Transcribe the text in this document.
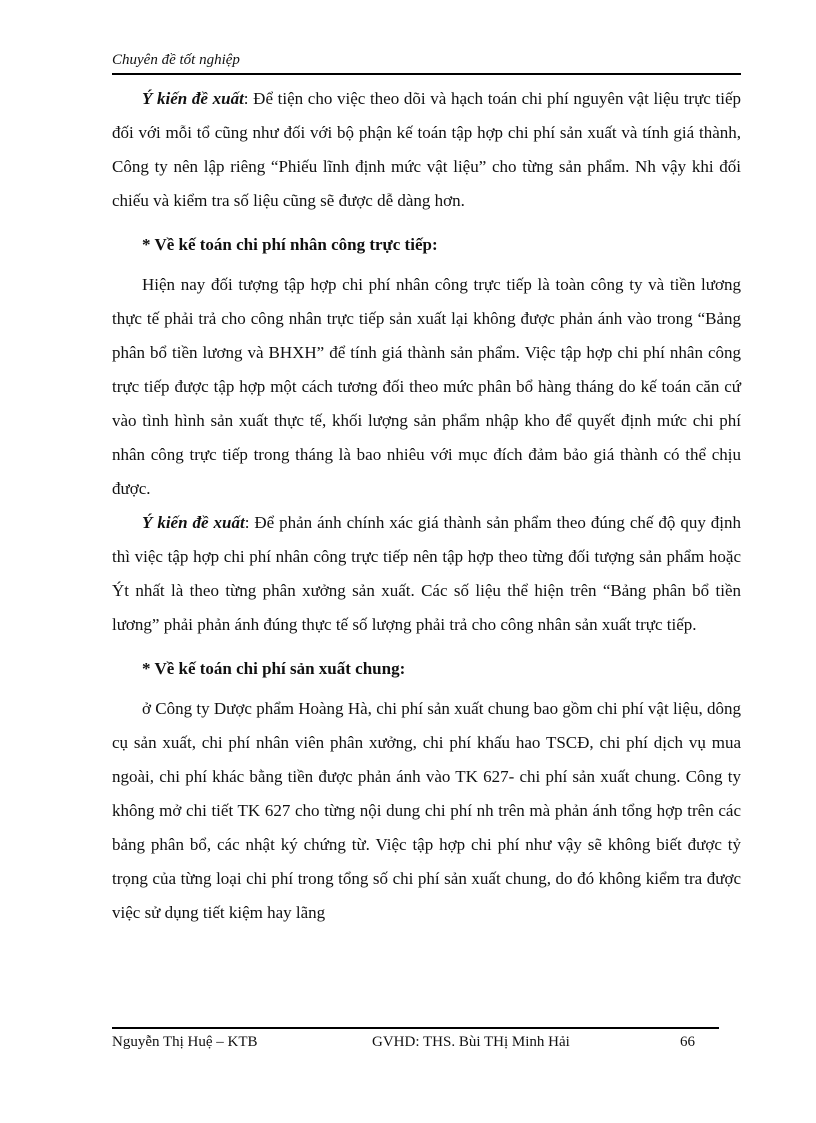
Chuyên đề tốt nghiệp

Ý kiến đề xuất: Để tiện cho việc theo dõi và hạch toán chi phí nguyên vật liệu trực tiếp đối với mỗi tổ cũng như đối với bộ phận kế toán tập hợp chi phí sản xuất và tính giá thành, Công ty nên lập riêng “Phiếu lĩnh định mức vật liệu” cho từng sản phẩm. Nh vậy khi đối chiếu và kiểm tra số liệu cũng sẽ được dễ dàng hơn.

* Về kế toán chi phí nhân công trực tiếp:

Hiện nay đối tượng tập hợp chi phí nhân công trực tiếp là toàn công ty và tiền lương thực tế phải trả cho công nhân trực tiếp sản xuất lại không được phản ánh vào trong “Bảng phân bổ tiền lương và BHXH” để tính giá thành sản phẩm. Việc tập hợp chi phí nhân công trực tiếp được tập hợp một cách tương đối theo mức phân bổ hàng tháng do kế toán căn cứ vào tình hình sản xuất thực tế, khối lượng sản phẩm nhập kho để quyết định mức chi phí nhân công trực tiếp trong tháng là bao nhiêu với mục đích đảm bảo giá thành có thể chịu được.

Ý kiến đề xuất: Để phản ánh chính xác giá thành sản phẩm theo đúng chế độ quy định thì việc tập hợp chi phí nhân công trực tiếp nên tập hợp theo từng đối tượng sản phẩm hoặc Ýt nhất là theo từng phân xưởng sản xuất. Các số liệu thể hiện trên “Bảng phân bổ tiền lương” phải phản ánh đúng thực tế số lượng phải trả cho công nhân sản xuất trực tiếp.

* Về kế toán chi phí sản xuất chung:

ở Công ty Dược phẩm Hoàng Hà, chi phí sản xuất chung bao gồm chi phí vật liệu, dông cụ sản xuất, chi phí nhân viên phân xưởng, chi phí khấu hao TSCĐ, chi phí dịch vụ mua ngoài, chi phí khác bằng tiền được phản ánh vào TK 627- chi phí sản xuất chung. Công ty không mở chi tiết TK 627 cho từng nội dung chi phí nh trên mà phản ánh tổng hợp trên các bảng phân bổ, các nhật ký chứng từ. Việc tập hợp chi phí như vậy sẽ không biết được tỷ trọng của từng loại chi phí trong tổng số chi phí sản xuất chung, do đó không kiểm tra được việc sử dụng tiết kiệm hay lãng

Nguyễn Thị Huệ – KTB	GVHD: THS. Bùi THị Minh Hải	66
